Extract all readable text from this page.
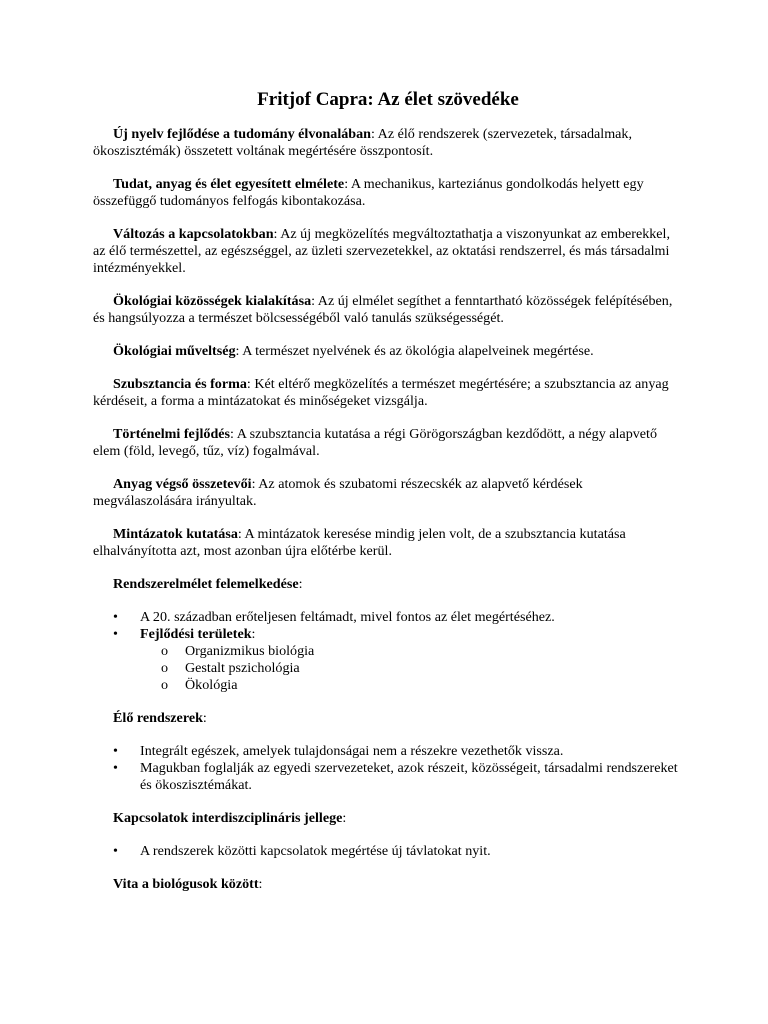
Fritjof Capra: Az élet szövedéke

Új nyelv fejlődése a tudomány élvonalában: Az élő rendszerek (szervezetek, társadalmak, ökoszisztémák) összetett voltának megértésére összpontosít.

Tudat, anyag és élet egyesített elmélete: A mechanikus, karteziánus gondolkodás helyett egy összefüggő tudományos felfogás kibontakozása.

Változás a kapcsolatokban: Az új megközelítés megváltoztathatja a viszonyunkat az emberekkel, az élő természettel, az egészséggel, az üzleti szervezetekkel, az oktatási rendszerrel, és más társadalmi intézményekkel.

Ökológiai közösségek kialakítása: Az új elmélet segíthet a fenntartható közösségek felépítésében, és hangsúlyozza a természet bölcsességéből való tanulás szükségességét.

Ökológiai műveltség: A természet nyelvének és az ökológia alapelveinek megértése.

Szubsztancia és forma: Két eltérő megközelítés a természet megértésére; a szubsztancia az anyag kérdéseit, a forma a mintázatokat és minőségeket vizsgálja.

Történelmi fejlődés: A szubsztancia kutatása a régi Görögországban kezdődött, a négy alapvető elem (föld, levegő, tűz, víz) fogalmával.

Anyag végső összetevői: Az atomok és szubatomi részecskék az alapvető kérdések megválaszolására irányultak.

Mintázatok kutatása: A mintázatok keresése mindig jelen volt, de a szubsztancia kutatása elhalványította azt, most azonban újra előtérbe kerül.

Rendszerelmélet felemelkedése:

• A 20. században erőteljesen feltámadt, mivel fontos az élet megértéséhez.
• Fejlődési területek:
o Organizmikus biológia
o Gestalt pszichológia
o Ökológia

Élő rendszerek:

• Integrált egészek, amelyek tulajdonságai nem a részekre vezethetők vissza.
• Magukban foglalják az egyedi szervezeteket, azok részeit, közösségeit, társadalmi rendszereket és ökoszisztémákat.

Kapcsolatok interdiszciplináris jellege:

• A rendszerek közötti kapcsolatok megértése új távlatokat nyit.

Vita a biológusok között:
